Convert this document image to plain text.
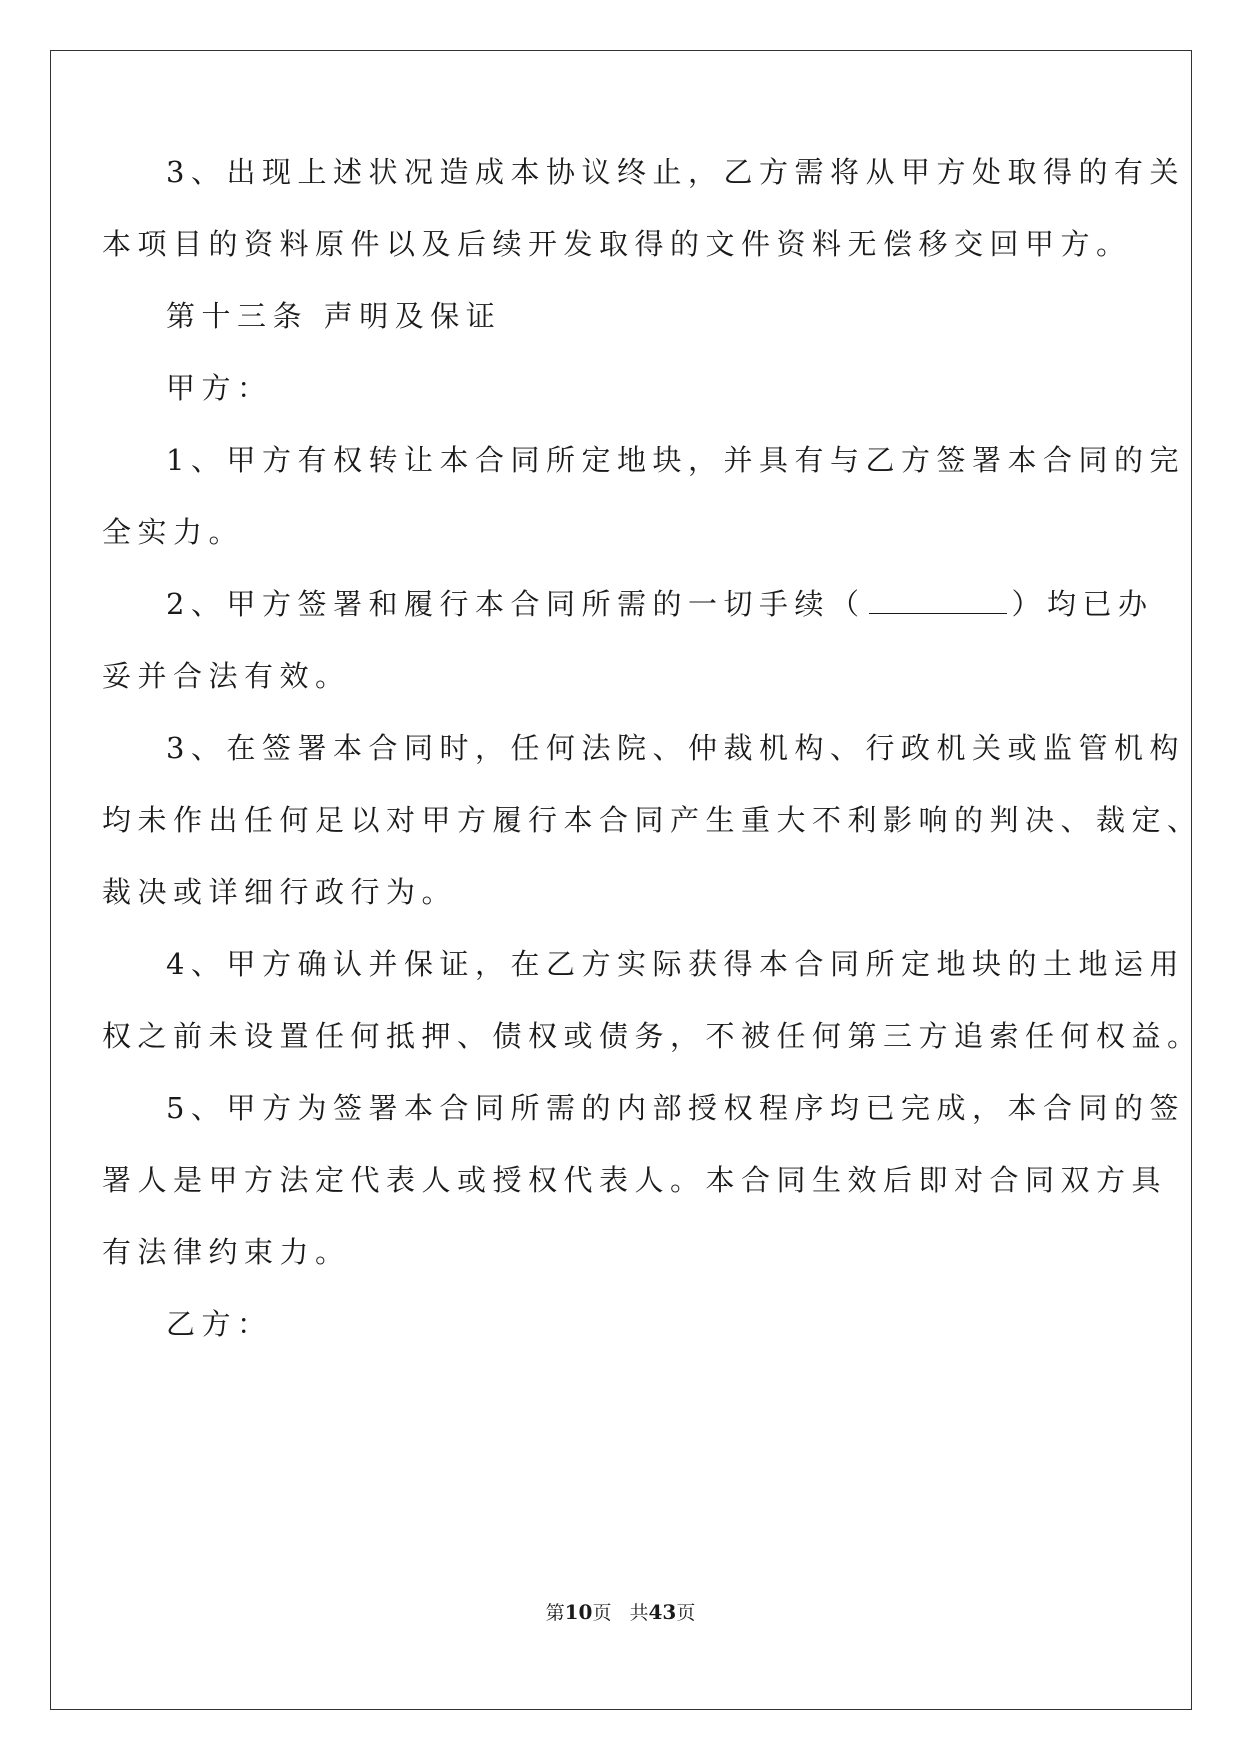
3、出现上述状况造成本协议终止，乙方需将从甲方处取得的有关

本项目的资料原件以及后续开发取得的文件资料无偿移交回甲方。

第十三条 声明及保证

甲方：

1、甲方有权转让本合同所定地块，并具有与乙方签署本合同的完

全实力。

2、甲方签署和履行本合同所需的一切手续（	）均已办

妥并合法有效。

3、在签署本合同时，任何法院、仲裁机构、行政机关或监管机构

均未作出任何足以对甲方履行本合同产生重大不利影响的判决、裁定、

裁决或详细行政行为。

4、甲方确认并保证，在乙方实际获得本合同所定地块的土地运用

权之前未设置任何抵押、债权或债务，不被任何第三方追索任何权益。

5、甲方为签署本合同所需的内部授权程序均已完成，本合同的签

署人是甲方法定代表人或授权代表人。本合同生效后即对合同双方具

有法律约束力。

乙方：

第10页 共43页
